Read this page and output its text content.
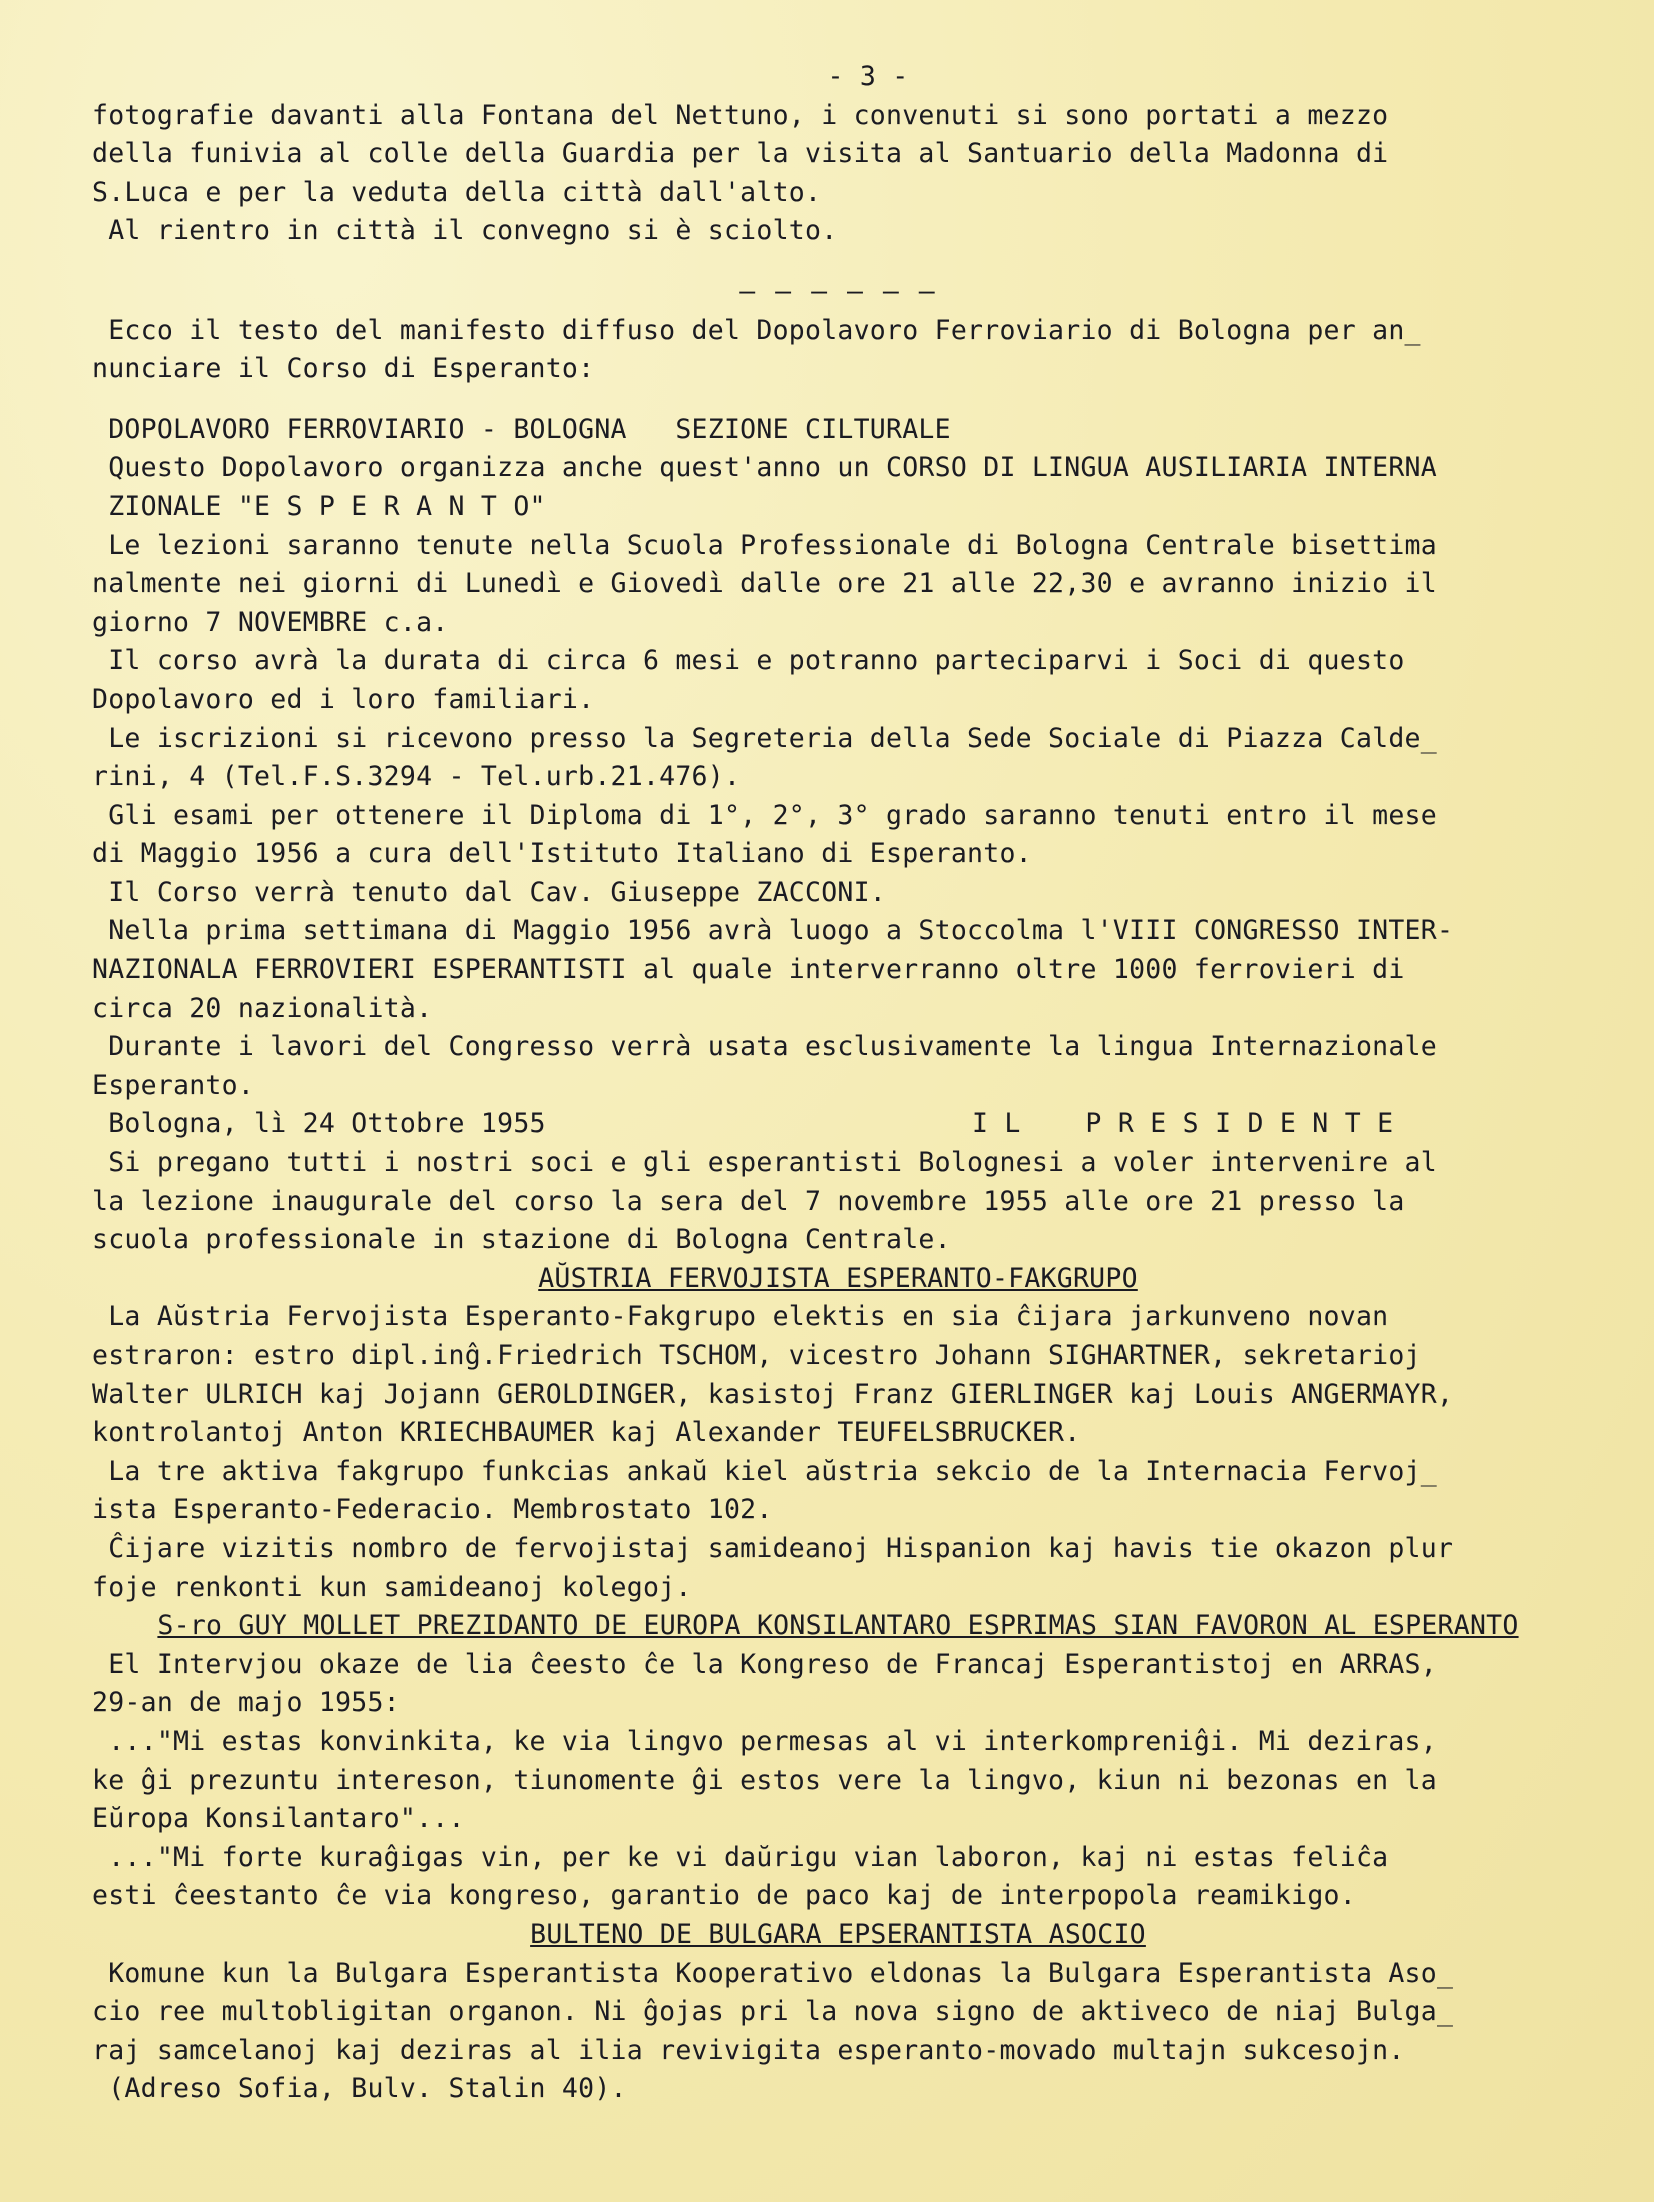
- 3 -

fotografie davanti alla Fontana del Nettuno, i convenuti si sono portati a mezzo

della funivia al colle della Guardia per la visita al Santuario della Madonna di

S.Luca e per la veduta della città dall'alto.

Al rientro in città il convegno si è sciolto.

– – – – – –

Ecco il testo del manifesto diffuso del Dopolavoro Ferroviario di Bologna per an_

nunciare il Corso di Esperanto:

DOPOLAVORO FERROVIARIO - BOLOGNA   SEZIONE CILTURALE

Questo Dopolavoro organizza anche quest'anno un CORSO DI LINGUA AUSILIARIA INTERNA

ZIONALE "E S P E R A N T O"

Le lezioni saranno tenute nella Scuola Professionale di Bologna Centrale bisettima

nalmente nei giorni di Lunedì e Giovedì dalle ore 21 alle 22,30 e avranno inizio il

giorno 7 NOVEMBRE c.a.

Il corso avrà la durata di circa 6 mesi e potranno parteciparvi i Soci di questo

Dopolavoro ed i loro familiari.

Le iscrizioni si ricevono presso la Segreteria della Sede Sociale di Piazza Calde_

rini, 4 (Tel.F.S.3294 - Tel.urb.21.476).

Gli esami per ottenere il Diploma di 1°, 2°, 3° grado saranno tenuti entro il mese

di Maggio 1956 a cura dell'Istituto Italiano di Esperanto.

Il Corso verrà tenuto dal Cav. Giuseppe ZACCONI.

Nella prima settimana di Maggio 1956 avrà luogo a Stoccolma l'VIII CONGRESSO INTER-

NAZIONALA FERROVIERI ESPERANTISTI al quale interverranno oltre 1000 ferrovieri di

circa 20 nazionalità.

Durante i lavori del Congresso verrà usata esclusivamente la lingua Internazionale

Esperanto.

Bologna, lì 24 Ottobre 1955	I L    P R E S I D E N T E

Si pregano tutti i nostri soci e gli esperantisti Bolognesi a voler intervenire al

la lezione inaugurale del corso la sera del 7 novembre 1955 alle ore 21 presso la

scuola professionale in stazione di Bologna Centrale.

AŬSTRIA FERVOJISTA ESPERANTO-FAKGRUPO

La Aŭstria Fervojista Esperanto-Fakgrupo elektis en sia ĉijara jarkunveno novan

estraron: estro dipl.inĝ.Friedrich TSCHOM, vicestro Johann SIGHARTNER, sekretarioj

Walter ULRICH kaj Jojann GEROLDINGER, kasistoj Franz GIERLINGER kaj Louis ANGERMAYR,

kontrolantoj Anton KRIECHBAUMER kaj Alexander TEUFELSBRUCKER.

La tre aktiva fakgrupo funkcias ankaŭ kiel aŭstria sekcio de la Internacia Fervoj_

ista Esperanto-Federacio. Membrostato 102.

Ĉijare vizitis nombro de fervojistaj samideanoj Hispanion kaj havis tie okazon plur

foje renkonti kun samideanoj kolegoj.

S-ro GUY MOLLET PREZIDANTO DE EUROPA KONSILANTARO ESPRIMAS SIAN FAVORON AL ESPERANTO

El Intervjou okaze de lia ĉeesto ĉe la Kongreso de Francaj Esperantistoj en ARRAS,

29-an de majo 1955:

..."Mi estas konvinkita, ke via lingvo permesas al vi interkompreniĝi. Mi deziras,

ke ĝi prezuntu intereson, tiunomente ĝi estos vere la lingvo, kiun ni bezonas en la

Eŭropa Konsilantaro"...

..."Mi forte kuraĝigas vin, per ke vi daŭrigu vian laboron, kaj ni estas feliĉa

esti ĉeestanto ĉe via kongreso, garantio de paco kaj de interpopola reamikigo.

BULTENO DE BULGARA EPSERANTISTA ASOCIO

Komune kun la Bulgara Esperantista Kooperativo eldonas la Bulgara Esperantista Aso_

cio ree multobligitan organon. Ni ĝojas pri la nova signo de aktiveco de niaj Bulga_

raj samcelanoj kaj deziras al ilia revivigita esperanto-movado multajn sukcesojn.

(Adreso Sofia, Bulv. Stalin 40).
